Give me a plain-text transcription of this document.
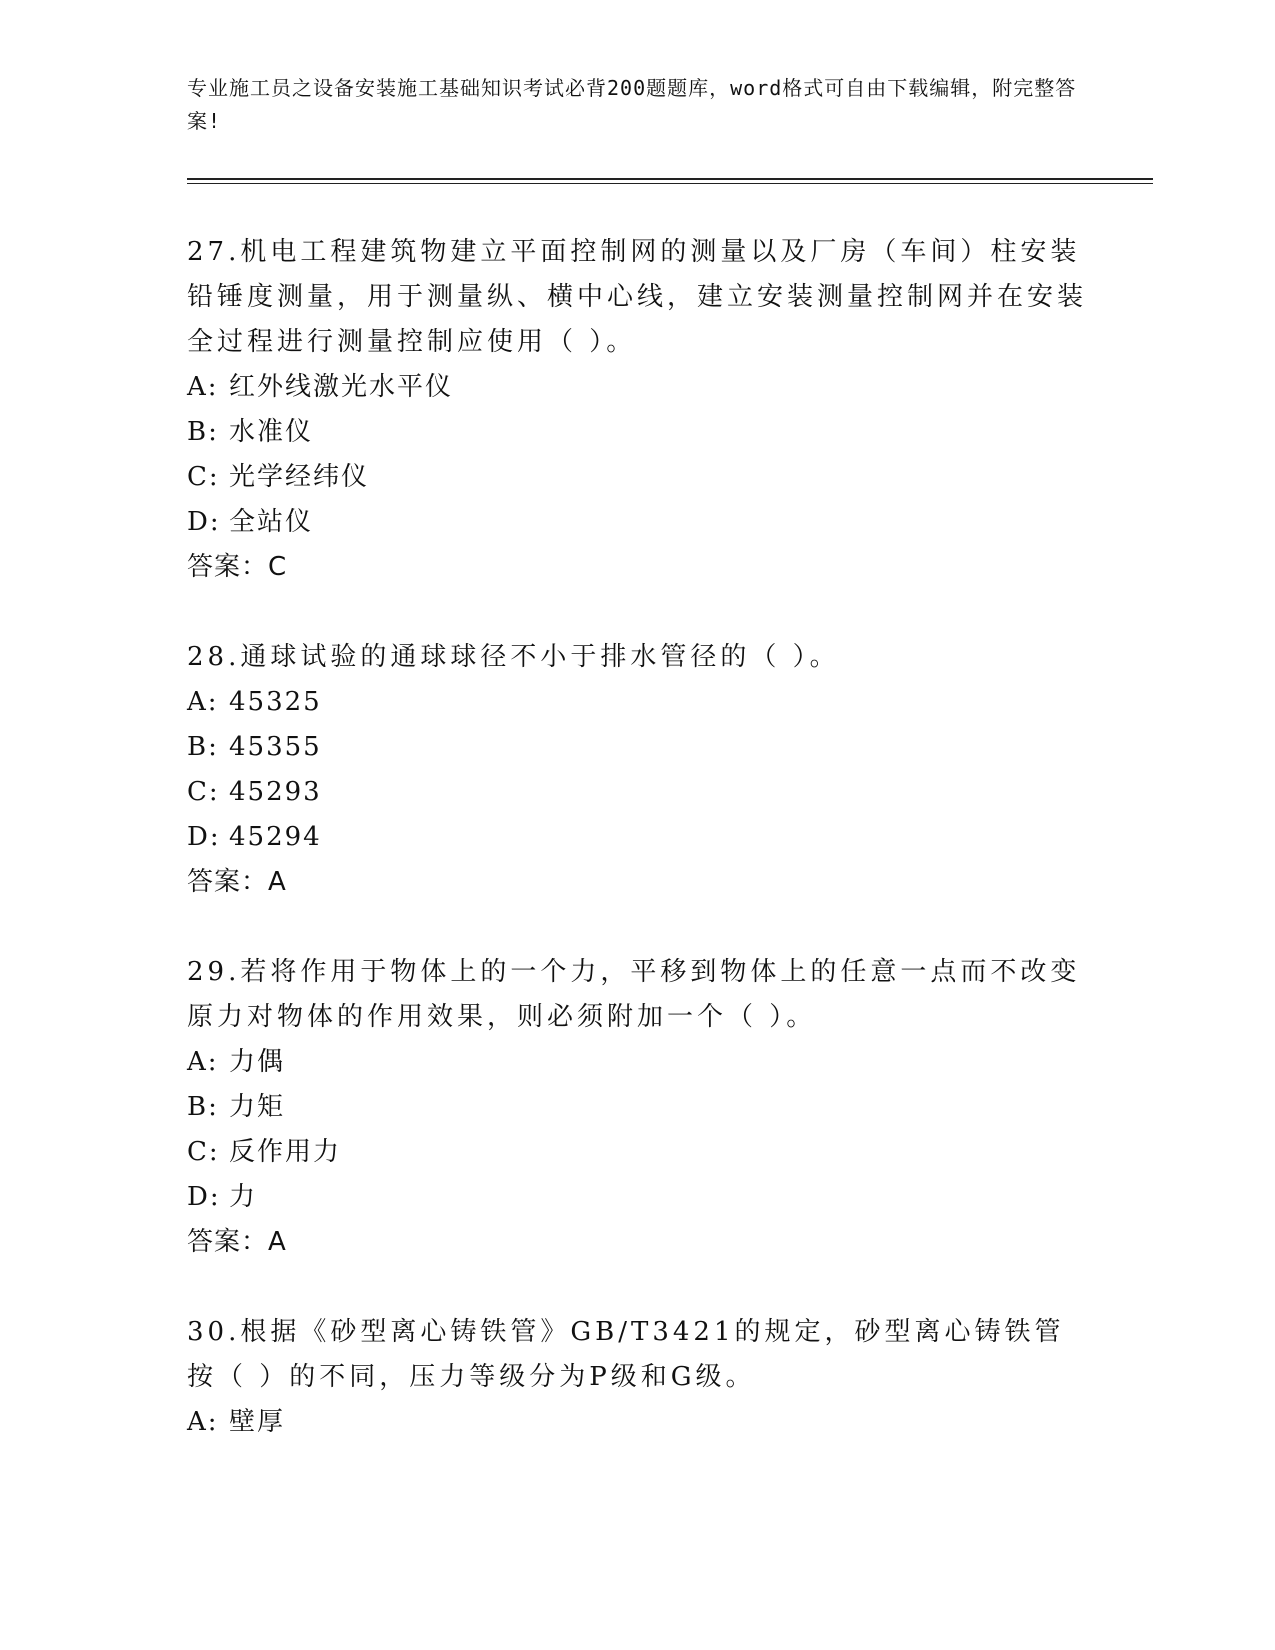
专业施工员之设备安装施工基础知识考试必背200题题库，word格式可自由下载编辑，附完整答案!
27.机电工程建筑物建立平面控制网的测量以及厂房（车间）柱安装铅锤度测量，用于测量纵、横中心线，建立安装测量控制网并在安装全过程进行测量控制应使用（ ）。
A: 红外线激光水平仪
B: 水准仪
C: 光学经纬仪
D: 全站仪
答案：C
28.通球试验的通球球径不小于排水管径的（ ）。
A: 45325
B: 45355
C: 45293
D: 45294
答案：A
29.若将作用于物体上的一个力，平移到物体上的任意一点而不改变原力对物体的作用效果，则必须附加一个（ ）。
A: 力偶
B: 力矩
C: 反作用力
D: 力
答案：A
30.根据《砂型离心铸铁管》GB/T3421的规定，砂型离心铸铁管按（ ）的不同，压力等级分为P级和G级。
A: 壁厚
